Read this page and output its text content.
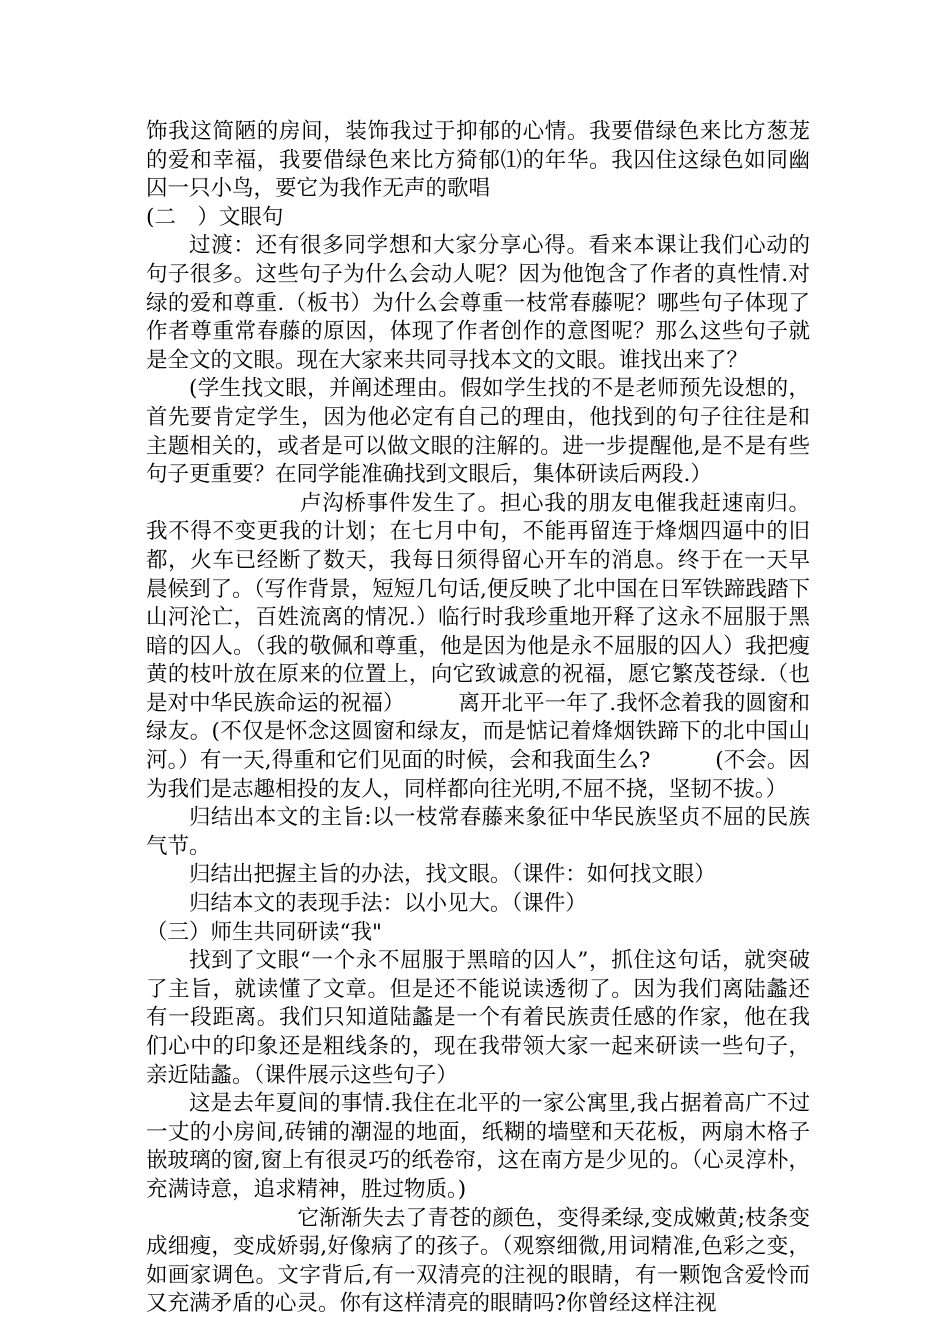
饰我这简陋的房间，装饰我过于抑郁的心情。我要借绿色来比方葱茏的爱和幸福，我要借绿色来比方猗郁⑴的年华。我囚住这绿色如同幽囚一只小鸟，要它为我作无声的歌唱

(二　）文眼句

过渡：还有很多同学想和大家分享心得。看来本课让我们心动的句子很多。这些句子为什么会动人呢？因为他饱含了作者的真性情.对绿的爱和尊重.（板书）为什么会尊重一枝常春藤呢？哪些句子体现了作者尊重常春藤的原因，体现了作者创作的意图呢？那么这些句子就是全文的文眼。现在大家来共同寻找本文的文眼。谁找出来了？

(学生找文眼，并阐述理由。假如学生找的不是老师预先设想的，首先要肯定学生，因为他必定有自己的理由，他找到的句子往往是和主题相关的，或者是可以做文眼的注解的。进一步提醒他,是不是有些句子更重要？在同学能准确找到文眼后，集体研读后两段.）

　　　　　卢沟桥事件发生了。担心我的朋友电催我赶速南归。我不得不变更我的计划；在七月中旬，不能再留连于烽烟四逼中的旧都，火车已经断了数天，我每日须得留心开车的消息。终于在一天早晨候到了。（写作背景，短短几句话,便反映了北中国在日军铁蹄践踏下山河沦亡，百姓流离的情况.）临行时我珍重地开释了这永不屈服于黑暗的囚人。（我的敬佩和尊重，他是因为他是永不屈服的囚人）我把瘦黄的枝叶放在原来的位置上，向它致诚意的祝福，愿它繁茂苍绿.（也是对中华民族命运的祝福）　　　离开北平一年了.我怀念着我的圆窗和绿友。(不仅是怀念这圆窗和绿友，而是惦记着烽烟铁蹄下的北中国山河。）有一天,得重和它们见面的时候，会和我面生么?　　　(不会。因为我们是志趣相投的友人，同样都向往光明,不屈不挠，坚韧不拔。）

归结出本文的主旨:以一枝常春藤来象征中华民族坚贞不屈的民族气节。

归结出把握主旨的办法，找文眼。（课件：如何找文眼）

归结本文的表现手法：以小见大。（课件）

（三）师生共同研读“我"

找到了文眼“一个永不屈服于黑暗的囚人”，抓住这句话，就突破了主旨，就读懂了文章。但是还不能说读透彻了。因为我们离陆蠡还有一段距离。我们只知道陆蠡是一个有着民族责任感的作家，他在我们心中的印象还是粗线条的，现在我带领大家一起来研读一些句子，亲近陆蠡。（课件展示这些句子）

这是去年夏间的事情.我住在北平的一家公寓里,我占据着高广不过一丈的小房间,砖铺的潮湿的地面，纸糊的墙壁和天花板，两扇木格子嵌玻璃的窗,窗上有很灵巧的纸卷帘，这在南方是少见的。（心灵淳朴，充满诗意，追求精神，胜过物质。)

　　　　　它渐渐失去了青苍的颜色，变得柔绿,变成嫩黄;枝条变成细瘦，变成娇弱,好像病了的孩子。（观察细微,用词精准,色彩之变，如画家调色。文字背后,有一双清亮的注视的眼睛，有一颗饱含爱怜而又充满矛盾的心灵。你有这样清亮的眼睛吗?你曾经这样注视
